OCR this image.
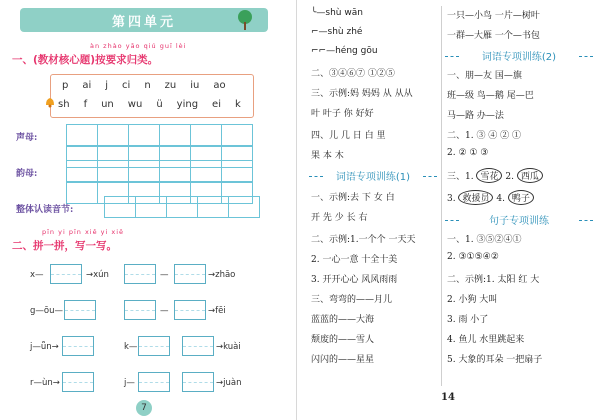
第四单元
àn zhào yāo qiú guī lèi
一、(教材核心题)按要求归类。
p ai j ci n zu iu ao
sh f un wu ü ying ei k
声母:
韵母:
整体认读音节:
pīn yi pīn xiě yi xiě
二、拼一拼，写一写。
x—	→xún	—	→zhāo
g—ōu—	—	→fēi
j—ǖn→	k—	→kuài
r—ùn→	j—	→juàn
7
╰—shù wān
⌐—shù zhé
⌐⌐—héng gōu
二、③④⑥⑦ ①②⑤
三、示例:妈 妈妈 从 从从
叶 叶子 你 好好
四、儿 几 日 白 里
果 本 木
词语专项训练(1)
一、示例:去 下 女 白
开 先 少 长 右
二、示例:1.一个个 一天天
2. 一心一意 十全十美
3. 开开心心 风风雨雨
三、弯弯的——月儿
蓝蓝的——大海
颓废的——雪人
闪闪的——星星
一只—小鸟 一片—树叶
一群—大雁 一个—书包
词语专项训练(2)
一、朋—友 国—旗
班—级 鸟—鹅 尾—巴
马—路 办—法
二、1. ③ ④ ② ①
2. ② ① ③
三、1. 雪花 2. 西瓜
3. 救援员 4. 鸭子
句子专项训练
一、1. ③⑤②④①
2. ③①⑤④②
二、示例:1. 太阳 红 大
2. 小狗 大叫
3. 雨 小了
4. 鱼儿 水里跳起来
5. 大象的耳朵 一把扇子
14
